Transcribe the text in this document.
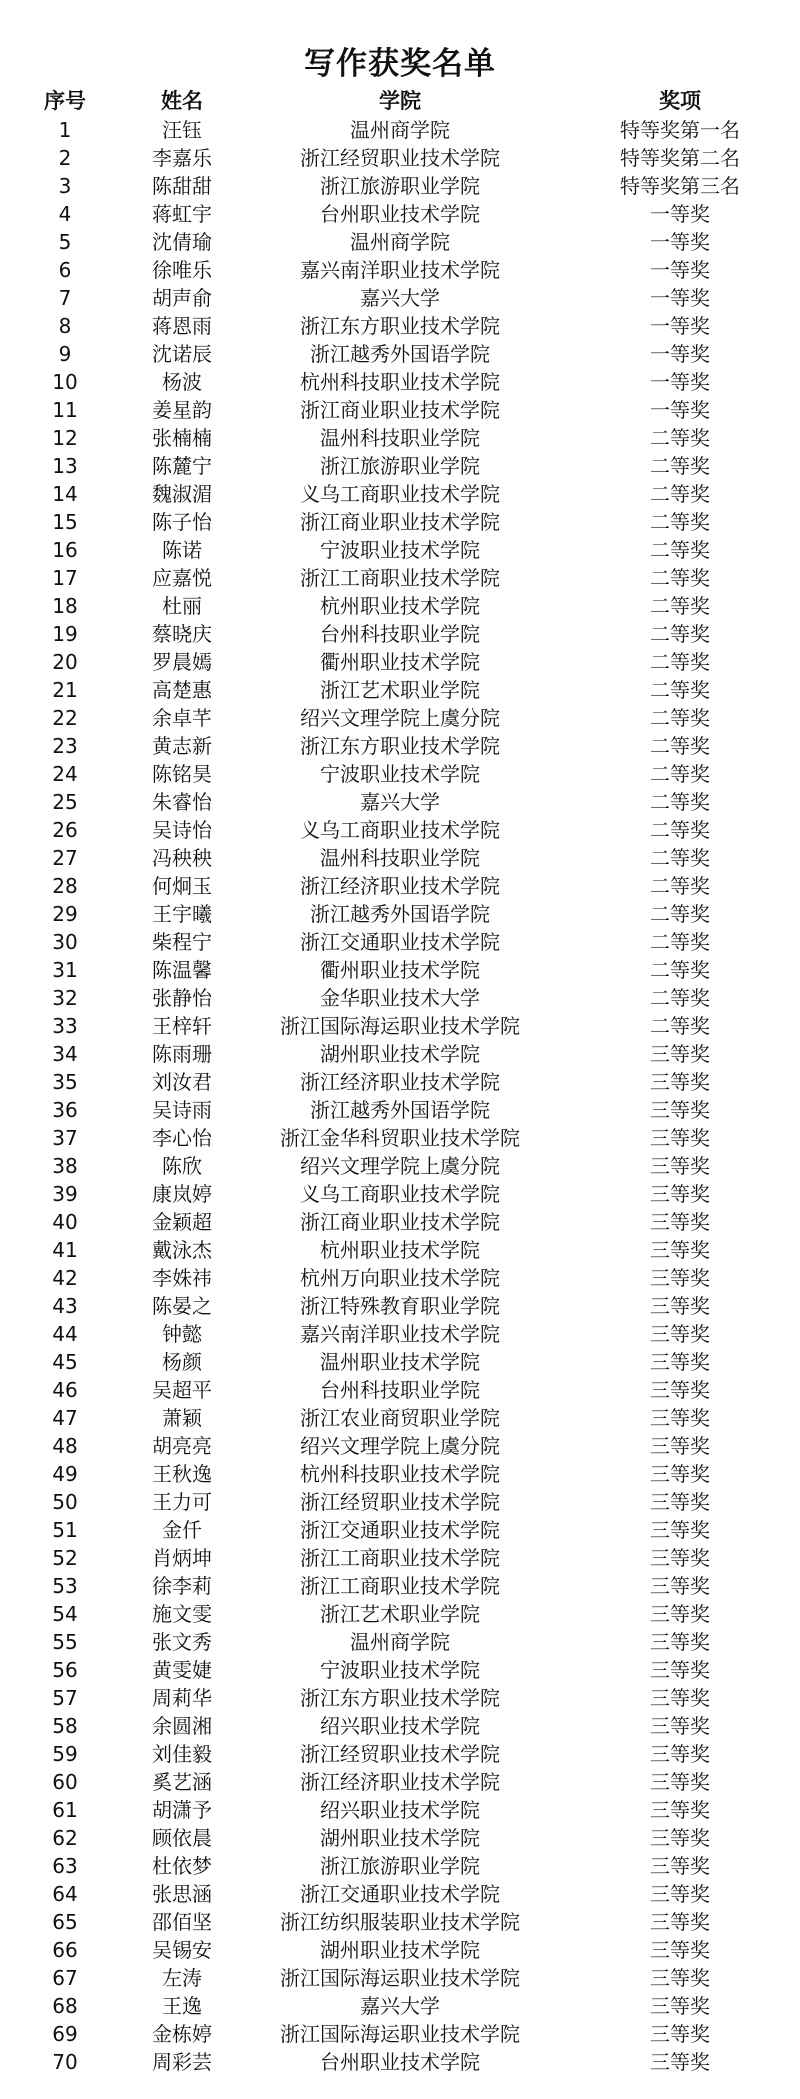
写作获奖名单
序号	姓名	学院	奖项
1	汪钰	温州商学院	特等奖第一名
2	李嘉乐	浙江经贸职业技术学院	特等奖第二名
3	陈甜甜	浙江旅游职业学院	特等奖第三名
4	蒋虹宇	台州职业技术学院	一等奖
5	沈倩瑜	温州商学院	一等奖
6	徐唯乐	嘉兴南洋职业技术学院	一等奖
7	胡声俞	嘉兴大学	一等奖
8	蒋恩雨	浙江东方职业技术学院	一等奖
9	沈诺辰	浙江越秀外国语学院	一等奖
10	杨波	杭州科技职业技术学院	一等奖
11	姜星韵	浙江商业职业技术学院	一等奖
12	张楠楠	温州科技职业学院	二等奖
13	陈麓宁	浙江旅游职业学院	二等奖
14	魏淑湄	义乌工商职业技术学院	二等奖
15	陈子怡	浙江商业职业技术学院	二等奖
16	陈诺	宁波职业技术学院	二等奖
17	应嘉悦	浙江工商职业技术学院	二等奖
18	杜丽	杭州职业技术学院	二等奖
19	蔡晓庆	台州科技职业学院	二等奖
20	罗晨嫣	衢州职业技术学院	二等奖
21	高楚惠	浙江艺术职业学院	二等奖
22	余卓芊	绍兴文理学院上虞分院	二等奖
23	黄志新	浙江东方职业技术学院	二等奖
24	陈铭昊	宁波职业技术学院	二等奖
25	朱睿怡	嘉兴大学	二等奖
26	吴诗怡	义乌工商职业技术学院	二等奖
27	冯秧秧	温州科技职业学院	二等奖
28	何炯玉	浙江经济职业技术学院	二等奖
29	王宇曦	浙江越秀外国语学院	二等奖
30	柴程宁	浙江交通职业技术学院	二等奖
31	陈温馨	衢州职业技术学院	二等奖
32	张静怡	金华职业技术大学	二等奖
33	王梓轩	浙江国际海运职业技术学院	二等奖
34	陈雨珊	湖州职业技术学院	三等奖
35	刘汝君	浙江经济职业技术学院	三等奖
36	吴诗雨	浙江越秀外国语学院	三等奖
37	李心怡	浙江金华科贸职业技术学院	三等奖
38	陈欣	绍兴文理学院上虞分院	三等奖
39	康岚婷	义乌工商职业技术学院	三等奖
40	金颖超	浙江商业职业技术学院	三等奖
41	戴泳杰	杭州职业技术学院	三等奖
42	李姝祎	杭州万向职业技术学院	三等奖
43	陈晏之	浙江特殊教育职业学院	三等奖
44	钟懿	嘉兴南洋职业技术学院	三等奖
45	杨颜	温州职业技术学院	三等奖
46	吴超平	台州科技职业学院	三等奖
47	萧颖	浙江农业商贸职业学院	三等奖
48	胡亮亮	绍兴文理学院上虞分院	三等奖
49	王秋逸	杭州科技职业技术学院	三等奖
50	王力可	浙江经贸职业技术学院	三等奖
51	金仟	浙江交通职业技术学院	三等奖
52	肖炳坤	浙江工商职业技术学院	三等奖
53	徐李莉	浙江工商职业技术学院	三等奖
54	施文雯	浙江艺术职业学院	三等奖
55	张文秀	温州商学院	三等奖
56	黄雯婕	宁波职业技术学院	三等奖
57	周莉华	浙江东方职业技术学院	三等奖
58	余圆湘	绍兴职业技术学院	三等奖
59	刘佳毅	浙江经贸职业技术学院	三等奖
60	奚艺涵	浙江经济职业技术学院	三等奖
61	胡潇予	绍兴职业技术学院	三等奖
62	顾依晨	湖州职业技术学院	三等奖
63	杜依梦	浙江旅游职业学院	三等奖
64	张思涵	浙江交通职业技术学院	三等奖
65	邵佰坚	浙江纺织服装职业技术学院	三等奖
66	吴锡安	湖州职业技术学院	三等奖
67	左涛	浙江国际海运职业技术学院	三等奖
68	王逸	嘉兴大学	三等奖
69	金栋婷	浙江国际海运职业技术学院	三等奖
70	周彩芸	台州职业技术学院	三等奖
